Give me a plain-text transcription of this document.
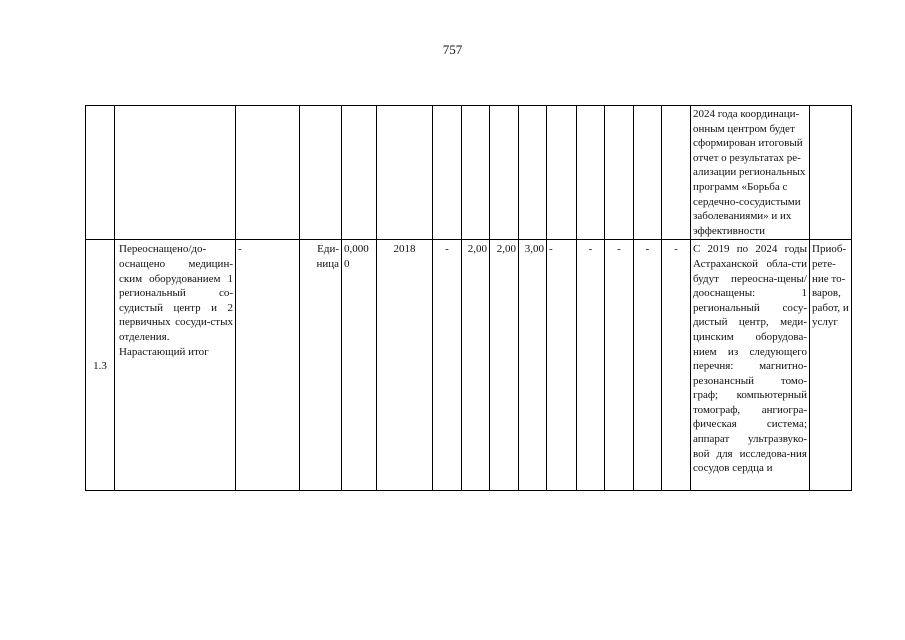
757
															2024 года координаци-онным центром будет сформирован итоговый отчет о результатах ре-ализации региональных программ «Борьба с сердечно-сосудистыми заболеваниями» и их эффективности	
1.3	Переоснащено/до-оснащено медицин-ским оборудованием 1 региональный со-судистый центр и 2 первичных сосуди-стых отделения. Нарастающий итог	-	Еди-ница	0,0000	2018	-	2,00	2,00	3,00	-	-	-	-	-	С 2019 по 2024 годы Астраханской обла-сти будут переосна-щены/дооснащены: 1 региональный сосу-дистый центр, меди-цинским оборудова-нием из следующего перечня: магнитно-резонансный томо-граф; компьютерный томограф, ангиогра-фическая система; аппарат ультразвуко-вой для исследова-ния сосудов сердца и	Приоб-рете-ние то-варов, работ, и услуг
